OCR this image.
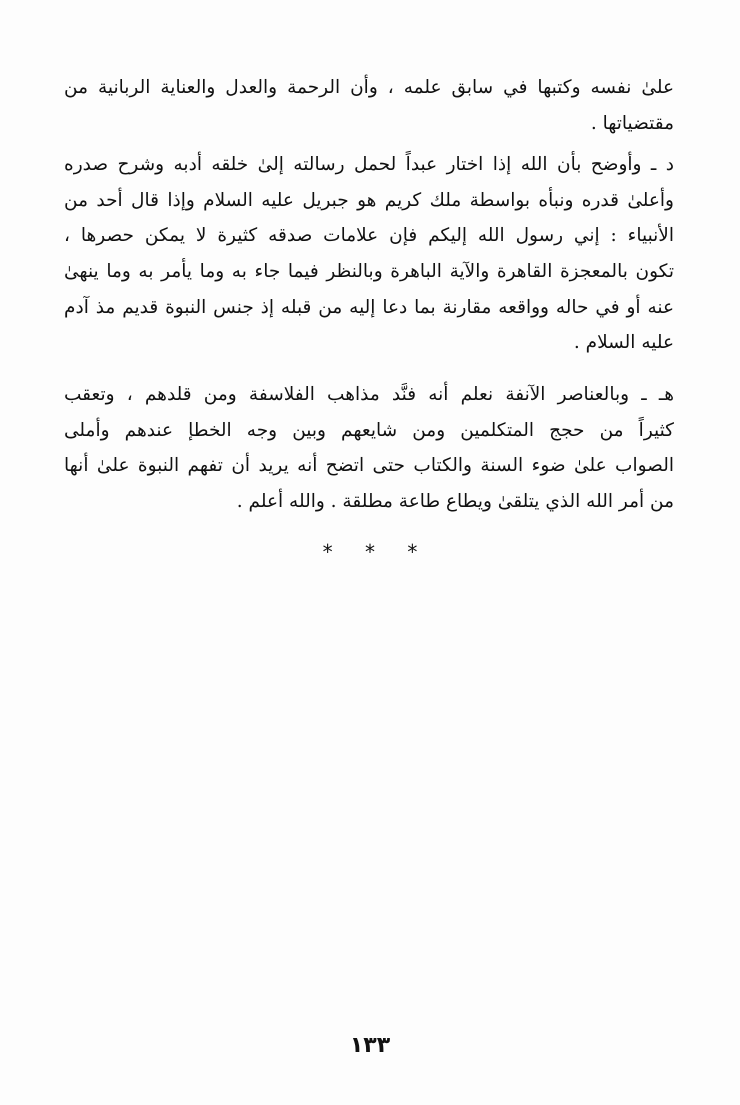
علىٰ نفسه وكتبها في سابق علمه ، وأن الرحمة والعدل والعناية الربانية من
مقتضياتها .
د ـ وأوضح بأن الله إذا اختار عبداً لحمل رسالته إلىٰ خلقه أدبه وشرح صدره
وأعلىٰ قدره ونبأه بواسطة ملك كريم هو جبريل عليه السلام وإذا قال أحد من
الأنبياء : إني رسول الله إليكم فإن علامات صدقه كثيرة لا يمكن حصرها ،
تكون بالمعجزة القاهرة والآية الباهرة وبالنظر فيما جاء به وما يأمر به وما ينهىٰ
عنه أو في حاله وواقعه مقارنة بما دعا إليه من قبله إذ جنس النبوة قديم مذ آدم
عليه السلام .
هـ ـ وبالعناصر الآنفة نعلم أنه فنَّد مذاهب الفلاسفة ومن قلدهم ، وتعقب
كثيراً من حجج المتكلمين ومن شايعهم وبين وجه الخطإ عندهم وأملى
الصواب علىٰ ضوء السنة والكتاب حتى اتضح أنه يريد أن تفهم النبوة علىٰ أنها
من أمر الله الذي يتلقىٰ ويطاع طاعة مطلقة . والله أعلم .
* * *
١٣٣
